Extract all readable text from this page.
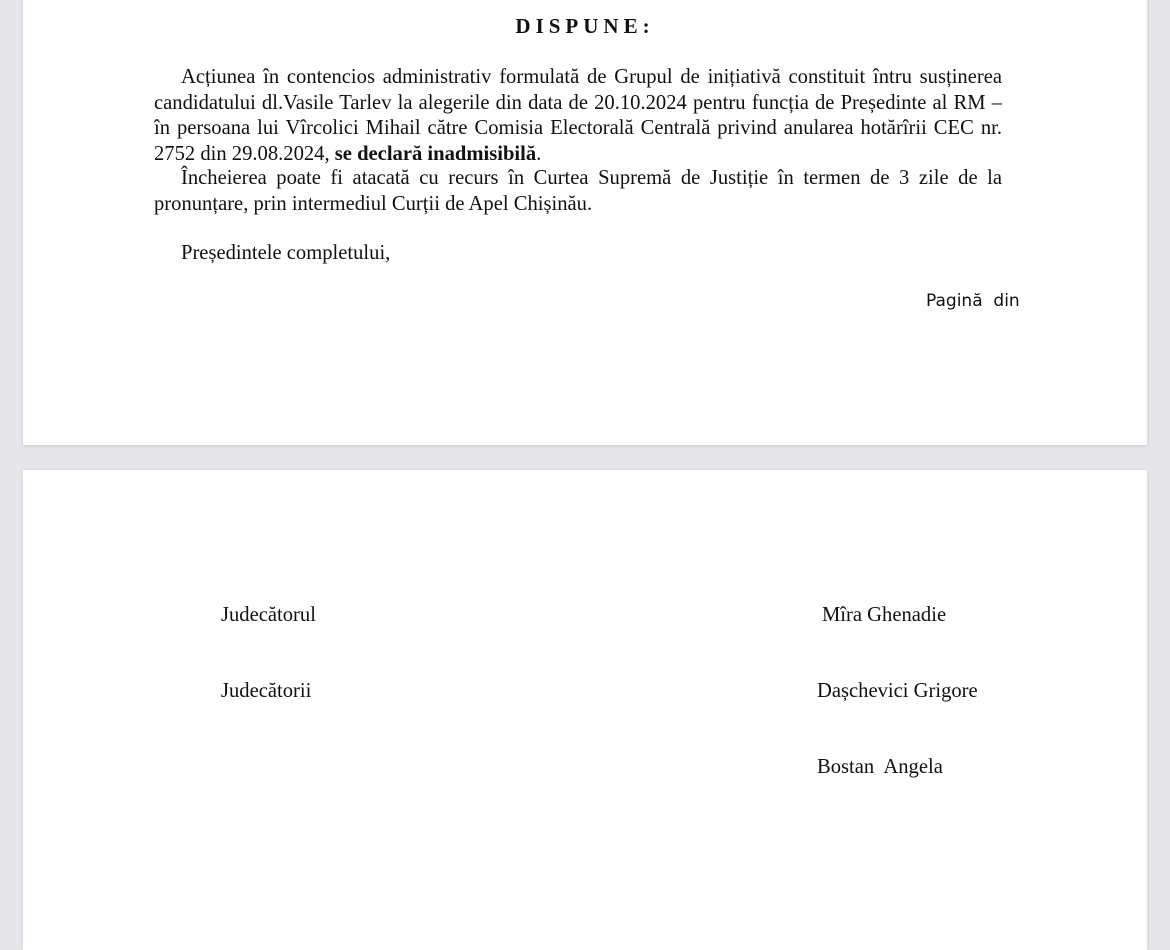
DISPUNE:

Acțiunea în contencios administrativ formulată de Grupul de inițiativă constituit întru susținerea candidatului dl.Vasile Tarlev la alegerile din data de 20.10.2024 pentru funcția de Președinte al RM – în persoana lui Vîrcolici Mihail către Comisia Electorală Centrală privind anularea hotărîrii CEC nr. 2752 din 29.08.2024, se declară inadmisibilă.

Încheierea poate fi atacată cu recurs în Curtea Supremă de Justiție în termen de 3 zile de la pronunțare, prin intermediul Curții de Apel Chișinău.

Președintele completului,
Pagină  din
Judecătorul	Mîra Ghenadie
Judecătorii	Dașchevici Grigore
Bostan  Angela
